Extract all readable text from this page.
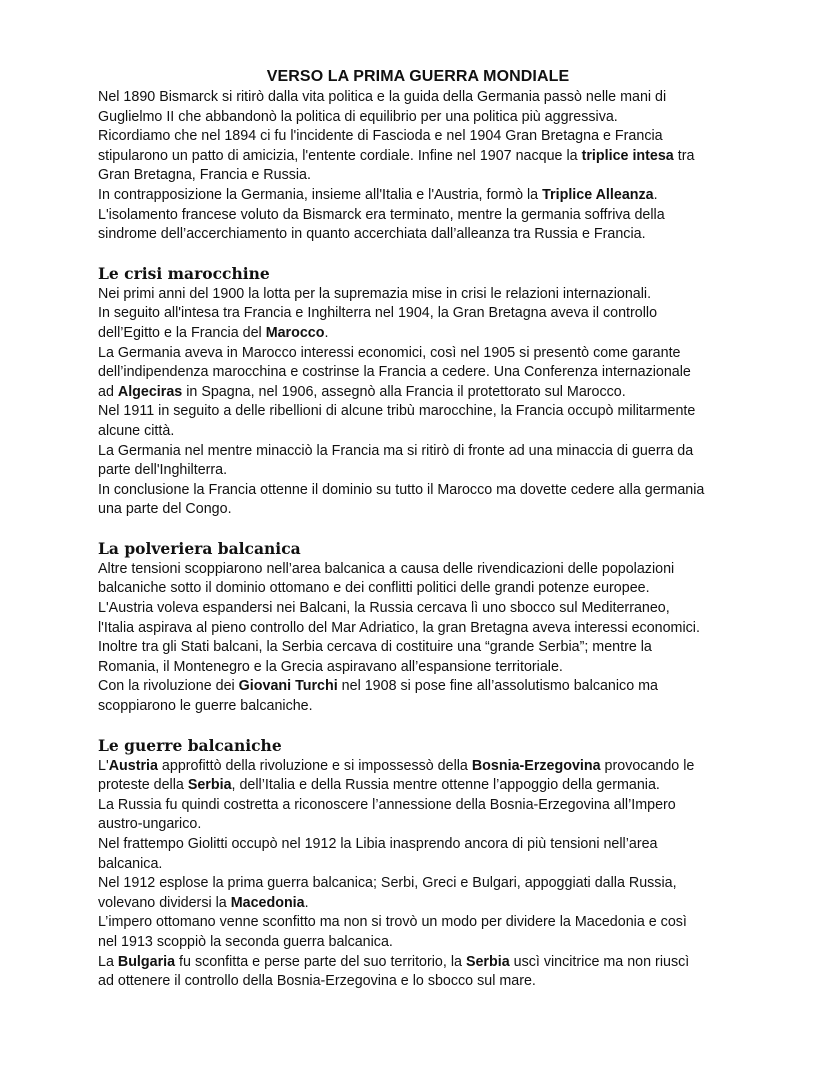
VERSO LA PRIMA GUERRA MONDIALE
Nel 1890 Bismarck si ritirò dalla vita politica e la guida della Germania passò nelle mani di
Guglielmo II che abbandonò la politica di equilibrio per una politica più aggressiva.
Ricordiamo che nel 1894 ci fu l'incidente di Fascioda e nel 1904 Gran Bretagna e Francia
stipularono un patto di amicizia, l'entente cordiale. Infine nel 1907 nacque la triplice intesa tra
Gran Bretagna, Francia e Russia.
In contrapposizione la Germania, insieme all'Italia e l'Austria, formò la Triplice Alleanza.
L'isolamento francese voluto da Bismarck era terminato, mentre la germania soffriva della
sindrome dell’accerchiamento in quanto accerchiata dall’alleanza tra Russia e Francia.
Le crisi marocchine
Nei primi anni del 1900 la lotta per la supremazia mise in crisi le relazioni internazionali.
In seguito all'intesa tra Francia e Inghilterra nel 1904, la Gran Bretagna aveva il controllo
dell’Egitto e la Francia del Marocco.
La Germania aveva in Marocco interessi economici, così nel 1905 si presentò come garante
dell’indipendenza marocchina e costrinse la Francia a cedere. Una Conferenza internazionale
ad Algeciras in Spagna, nel 1906, assegnò alla Francia il protettorato sul Marocco.
Nel 1911 in seguito a delle ribellioni di alcune tribù marocchine, la Francia occupò militarmente
alcune città.
La Germania nel mentre minacciò la Francia ma si ritirò di fronte ad una minaccia di guerra da
parte dell'Inghilterra.
In conclusione la Francia ottenne il dominio su tutto il Marocco ma dovette cedere alla germania
una parte del Congo.
La polveriera balcanica
Altre tensioni scoppiarono nell’area balcanica a causa delle rivendicazioni delle popolazioni
balcaniche sotto il dominio ottomano e dei conflitti politici delle grandi potenze europee.
L'Austria voleva espandersi nei Balcani, la Russia cercava lì uno sbocco sul Mediterraneo,
l'Italia aspirava al pieno controllo del Mar Adriatico, la gran Bretagna aveva interessi economici.
Inoltre tra gli Stati balcani, la Serbia cercava di costituire una “grande Serbia”; mentre la
Romania, il Montenegro e la Grecia aspiravano all’espansione territoriale.
Con la rivoluzione dei Giovani Turchi nel 1908 si pose fine all’assolutismo balcanico ma
scoppiarono le guerre balcaniche.
Le guerre balcaniche
L'Austria approfittò della rivoluzione e si impossessò della Bosnia-Erzegovina provocando le
proteste della Serbia, dell’Italia e della Russia mentre ottenne l’appoggio della germania.
La Russia fu quindi costretta a riconoscere l’annessione della Bosnia-Erzegovina all’Impero
austro-ungarico.
Nel frattempo Giolitti occupò nel 1912 la Libia inasprendo ancora di più tensioni nell’area
balcanica.
Nel 1912 esplose la prima guerra balcanica; Serbi, Greci e Bulgari, appoggiati dalla Russia,
volevano dividersi la Macedonia.
L’impero ottomano venne sconfitto ma non si trovò un modo per dividere la Macedonia e così
nel 1913 scoppiò la seconda guerra balcanica.
La Bulgaria fu sconfitta e perse parte del suo territorio, la Serbia uscì vincitrice ma non riuscì
ad ottenere il controllo della Bosnia-Erzegovina e lo sbocco sul mare.
